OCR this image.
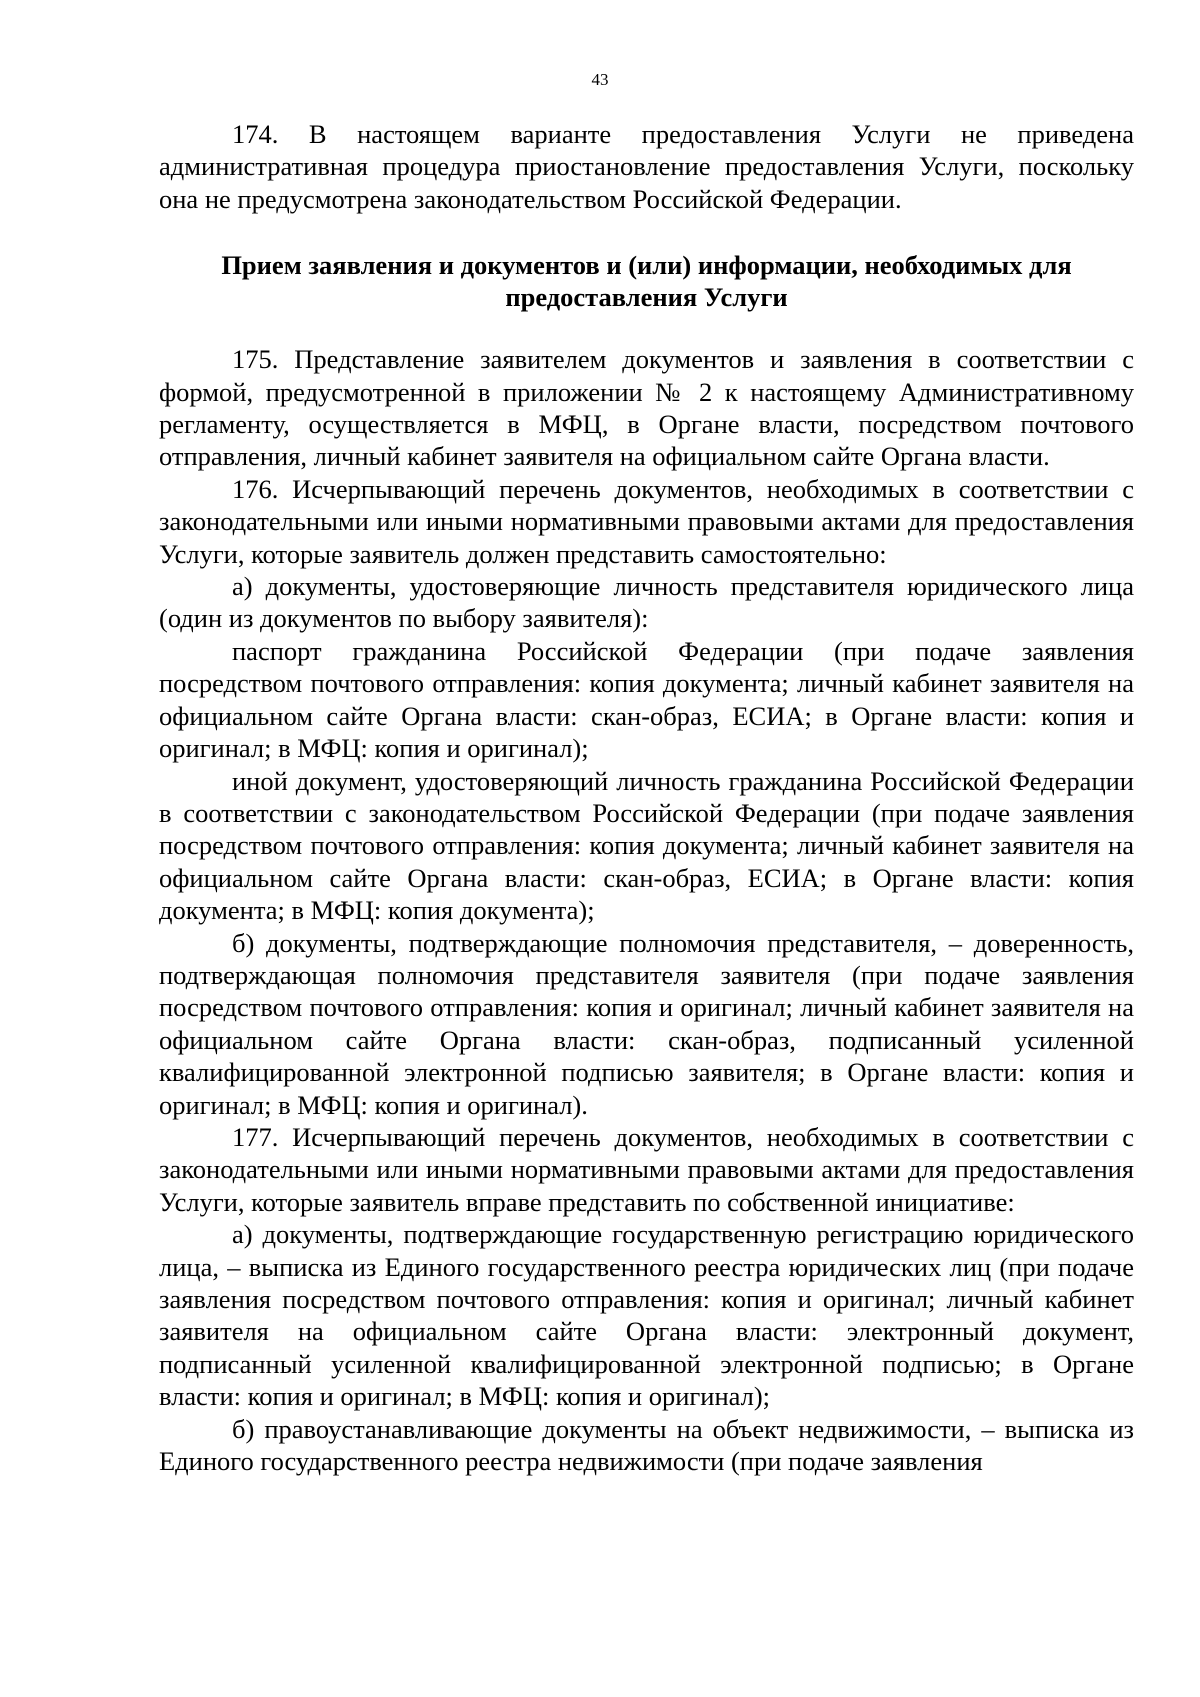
43

174. В настоящем варианте предоставления Услуги не приведена административная процедура приостановление предоставления Услуги, поскольку она не предусмотрена законодательством Российской Федерации.

Прием заявления и документов и (или) информации, необходимых для предоставления Услуги

175. Представление заявителем документов и заявления в соответствии с формой, предусмотренной в приложении № 2 к настоящему Административному регламенту, осуществляется в МФЦ, в Органе власти, посредством почтового отправления, личный кабинет заявителя на официальном сайте Органа власти.

176. Исчерпывающий перечень документов, необходимых в соответствии с законодательными или иными нормативными правовыми актами для предоставления Услуги, которые заявитель должен представить самостоятельно:

а) документы, удостоверяющие личность представителя юридического лица (один из документов по выбору заявителя):

паспорт гражданина Российской Федерации (при подаче заявления посредством почтового отправления: копия документа; личный кабинет заявителя на официальном сайте Органа власти: скан-образ, ЕСИА; в Органе власти: копия и оригинал; в МФЦ: копия и оригинал);

иной документ, удостоверяющий личность гражданина Российской Федерации в соответствии с законодательством Российской Федерации (при подаче заявления посредством почтового отправления: копия документа; личный кабинет заявителя на официальном сайте Органа власти: скан-образ, ЕСИА; в Органе власти: копия документа; в МФЦ: копия документа);

б) документы, подтверждающие полномочия представителя, – доверенность, подтверждающая полномочия представителя заявителя (при подаче заявления посредством почтового отправления: копия и оригинал; личный кабинет заявителя на официальном сайте Органа власти: скан-образ, подписанный усиленной квалифицированной электронной подписью заявителя; в Органе власти: копия и оригинал; в МФЦ: копия и оригинал).

177. Исчерпывающий перечень документов, необходимых в соответствии с законодательными или иными нормативными правовыми актами для предоставления Услуги, которые заявитель вправе представить по собственной инициативе:

а) документы, подтверждающие государственную регистрацию юридического лица, – выписка из Единого государственного реестра юридических лиц (при подаче заявления посредством почтового отправления: копия и оригинал; личный кабинет заявителя на официальном сайте Органа власти: электронный документ, подписанный усиленной квалифицированной электронной подписью; в Органе власти: копия и оригинал; в МФЦ: копия и оригинал);

б) правоустанавливающие документы на объект недвижимости, – выписка из Единого государственного реестра недвижимости (при подаче заявления
